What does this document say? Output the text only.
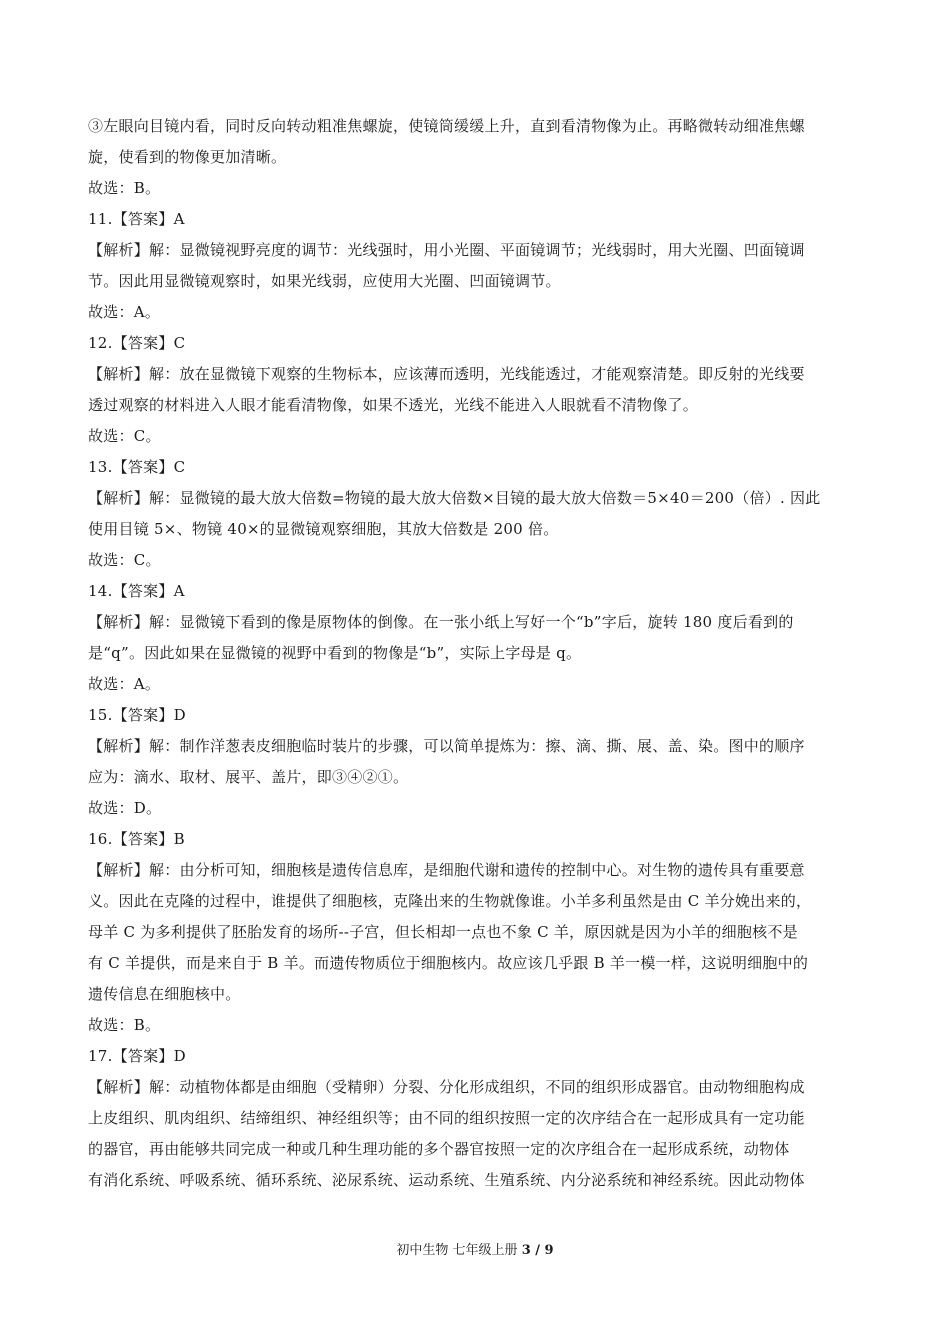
③左眼向目镜内看，同时反向转动粗准焦螺旋，使镜筒缓缓上升，直到看清物像为止。再略微转动细准焦螺
旋，使看到的物像更加清晰。
故选：B。
11.【答案】A
【解析】解：显微镜视野亮度的调节：光线强时，用小光圈、平面镜调节；光线弱时，用大光圈、凹面镜调
节。因此用显微镜观察时，如果光线弱，应使用大光圈、凹面镜调节。
故选：A。
12.【答案】C
【解析】解：放在显微镜下观察的生物标本，应该薄而透明，光线能透过，才能观察清楚。即反射的光线要
透过观察的材料进入人眼才能看清物像，如果不透光，光线不能进入人眼就看不清物像了。
故选：C。
13.【答案】C
【解析】解：显微镜的最大放大倍数=物镜的最大放大倍数×目镜的最大放大倍数＝5×40＝200（倍）. 因此
使用目镜 5×、物镜 40×的显微镜观察细胞，其放大倍数是 200 倍。
故选：C。
14.【答案】A
【解析】解：显微镜下看到的像是原物体的倒像。在一张小纸上写好一个“b”字后，旋转 180 度后看到的
是“q”。因此如果在显微镜的视野中看到的物像是“b”，实际上字母是 q。
故选：A。
15.【答案】D
【解析】解：制作洋葱表皮细胞临时装片的步骤，可以简单提炼为：擦、滴、撕、展、盖、染。图中的顺序
应为：滴水、取材、展平、盖片，即③④②①。
故选：D。
16.【答案】B
【解析】解：由分析可知，细胞核是遗传信息库，是细胞代谢和遗传的控制中心。对生物的遗传具有重要意
义。因此在克隆的过程中，谁提供了细胞核，克隆出来的生物就像谁。小羊多利虽然是由 C 羊分娩出来的，
母羊 C 为多利提供了胚胎发育的场所--子宫，但长相却一点也不象 C 羊，原因就是因为小羊的细胞核不是
有 C 羊提供，而是来自于 B 羊。而遗传物质位于细胞核内。故应该几乎跟 B 羊一模一样，这说明细胞中的
遗传信息在细胞核中。
故选：B。
17.【答案】D
【解析】解：动植物体都是由细胞（受精卵）分裂、分化形成组织，不同的组织形成器官。由动物细胞构成
上皮组织、肌肉组织、结缔组织、神经组织等；由不同的组织按照一定的次序结合在一起形成具有一定功能
的器官，再由能够共同完成一种或几种生理功能的多个器官按照一定的次序组合在一起形成系统，动物体
有消化系统、呼吸系统、循环系统、泌尿系统、运动系统、生殖系统、内分泌系统和神经系统。因此动物体
初中生物 七年级上册 3 / 9
